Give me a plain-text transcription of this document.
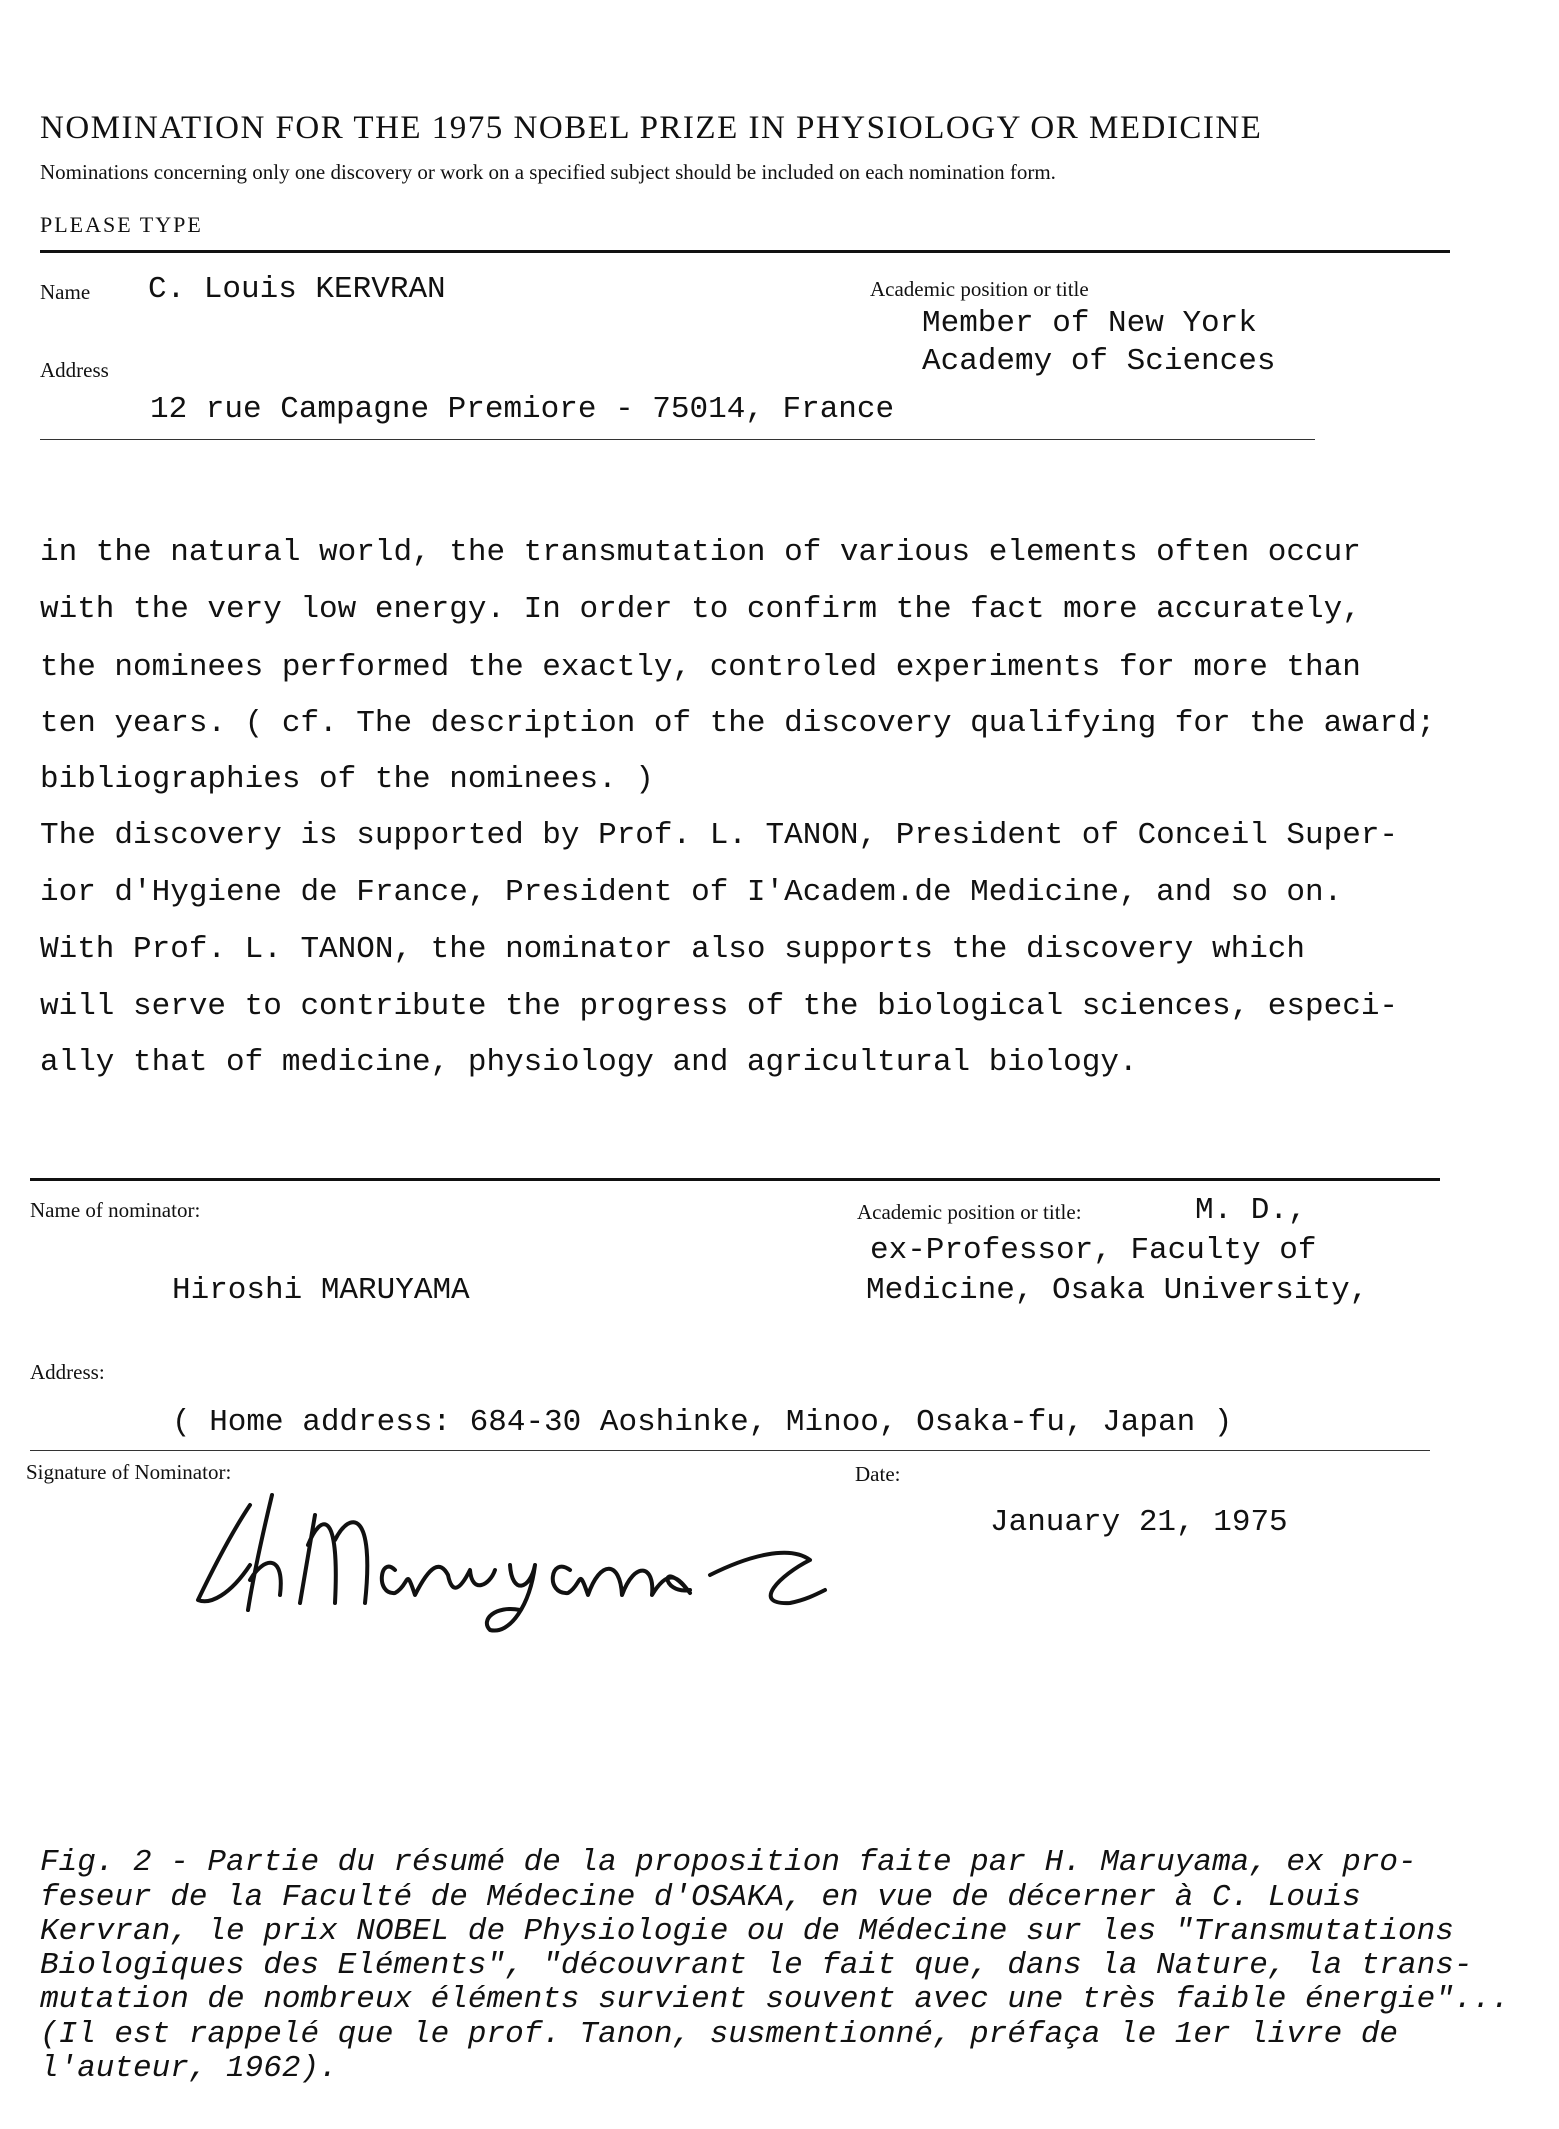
NOMINATION FOR THE 1975 NOBEL PRIZE IN PHYSIOLOGY OR MEDICINE
Nominations concerning only one discovery or work on a specified subject should be included on each nomination form.
PLEASE TYPE
Name C. Louis KERVRAN	Academic position or title
Member of New York
Academy of Sciences
Address
12 rue Campagne Premiore - 75014, France
in the natural world, the transmutation of various elements often occur
with the very low energy. In order to confirm the fact more accurately,
the nominees performed the exactly, controled experiments for more than
ten years. ( cf. The description of the discovery qualifying for the award;
bibliographies of the nominees. )
The discovery is supported by Prof. L. TANON, President of Conceil Super-
ior d'Hygiene de France, President of I'Academ.de Medicine, and so on.
With Prof. L. TANON, the nominator also supports the discovery which
will serve to contribute the progress of the biological sciences, especi-
ally that of medicine, physiology and agricultural biology.
Name of nominator:	Academic position or title:	M. D.,
ex-Professor, Faculty of
Medicine, Osaka University,
Hiroshi MARUYAMA
Address:
( Home address: 684-30 Aoshinke, Minoo, Osaka-fu, Japan )
Signature of Nominator:	Date:
January 21, 1975
Fig. 2 - Partie du résumé de la proposition faite par H. Maruyama, ex pro-
feseur de la Faculté de Médecine d'OSAKA, en vue de décerner à C. Louis
Kervran, le prix NOBEL de Physiologie ou de Médecine sur les "Transmutations
Biologiques des Eléments", "découvrant le fait que, dans la Nature, la trans-
mutation de nombreux éléments survient souvent avec une très faible énergie"...
(Il est rappelé que le prof. Tanon, susmentionné, préfaça le 1er livre de
l'auteur, 1962).
